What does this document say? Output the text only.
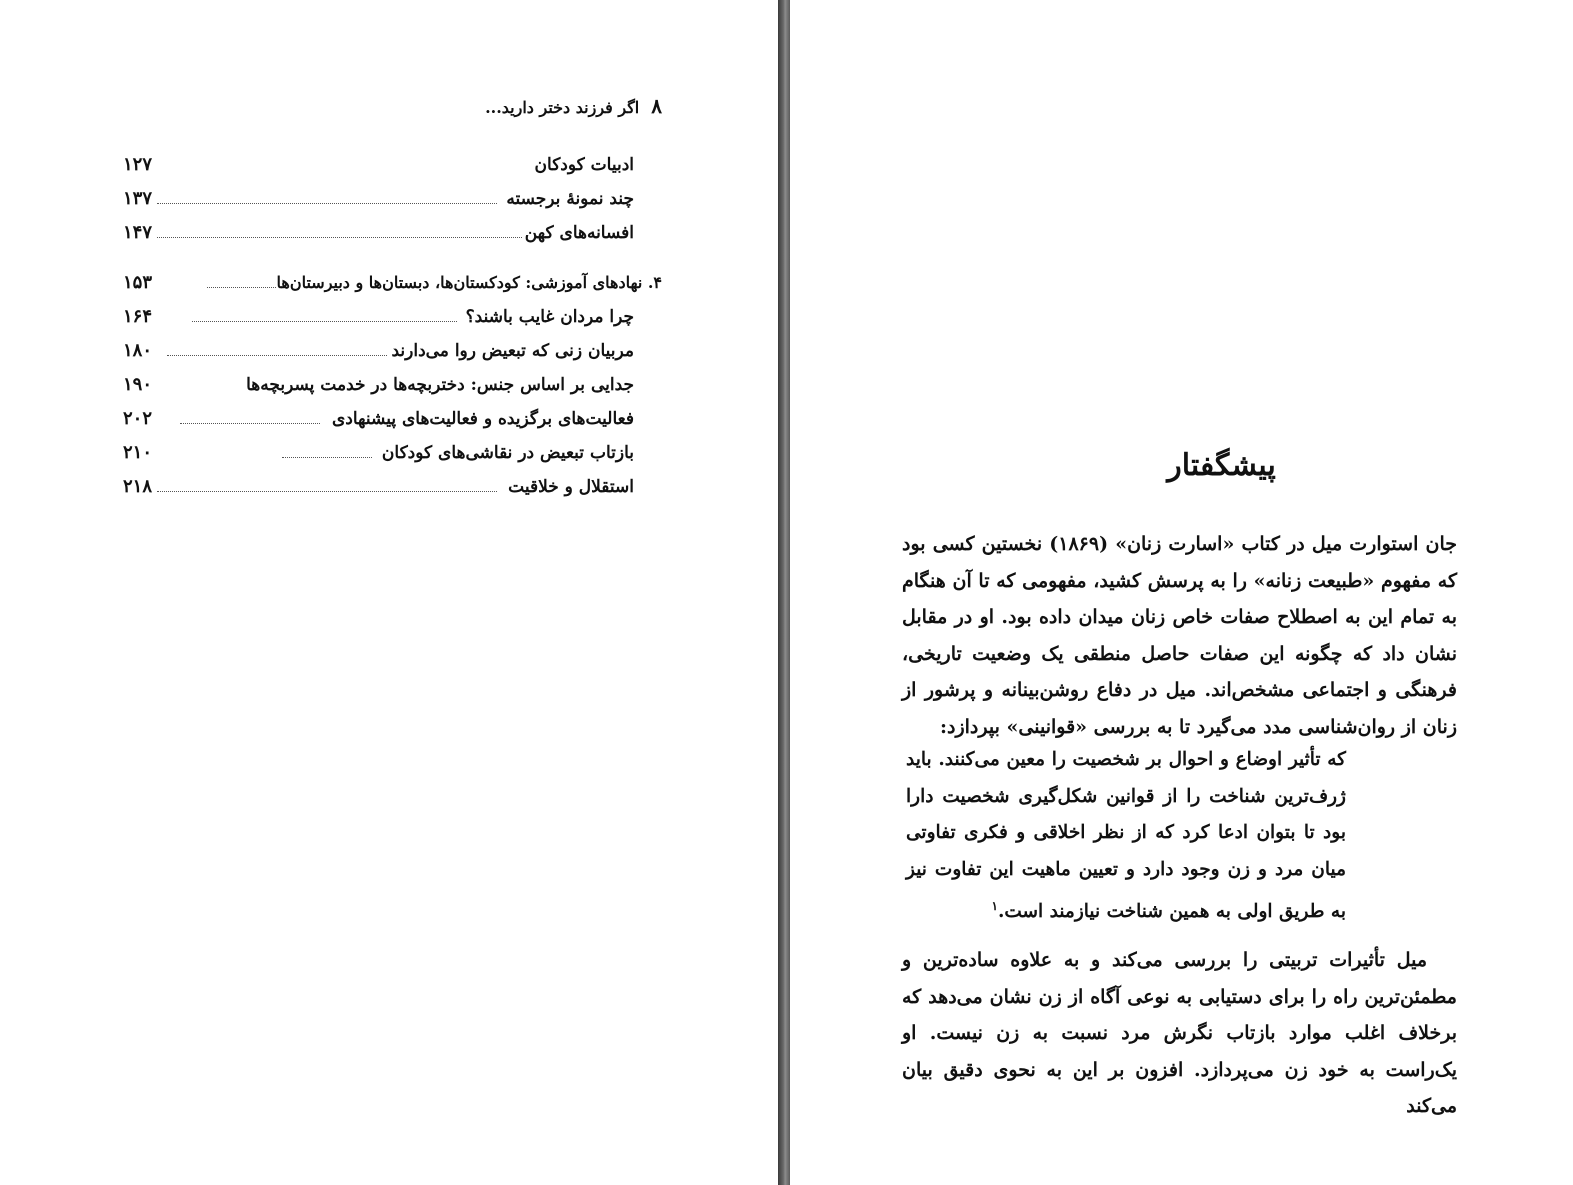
۸اگر فرزند دختر دارید...
۱۲۷	ادبیات کودکان
۱۳۷	چند نمونهٔ برجسته
۱۴۷	افسانه‌های کهن
۱۵۳	۴. نهادهای آموزشی: کودکستان‌ها، دبستان‌ها و دبیرستان‌ها
۱۶۴	چرا مردان غایب باشند؟
۱۸۰	مربیان زنی که تبعیض روا می‌دارند
۱۹۰	جدایی بر اساس جنس: دختربچه‌ها در خدمت پسربچه‌ها
۲۰۲	فعالیت‌های برگزیده و فعالیت‌های پیشنهادی
۲۱۰	بازتاب تبعیض در نقاشی‌های کودکان
۲۱۸	استقلال و خلاقیت
پیشگفتار
جان استوارت میل در کتاب «اسارت زنان» (۱۸۶۹) نخستین کسی بود که مفهوم «طبیعت زنانه» را به پرسش کشید، مفهومی که تا آن هنگام به تمام این به اصطلاح صفات خاص زنان میدان داده بود. او در مقابل نشان داد که چگونه این صفات حاصل منطقی یک وضعیت تاریخی، فرهنگی و اجتماعی مشخص‌اند. میل در دفاع روشن‌بینانه و پرشور از زنان از روان‌شناسی مدد می‌گیرد تا به بررسی «قوانینی» بپردازد:
که تأثیر اوضاع و احوال بر شخصیت را معین می‌کنند. باید ژرف‌ترین شناخت را از قوانین شکل‌گیری شخصیت دارا بود تا بتوان ادعا کرد که از نظر اخلاقی و فکری تفاوتی میان مرد و زن وجود دارد و تعیین ماهیت این تفاوت نیز به طریق اولی به همین شناخت نیازمند است.$^۱$
میل تأثیرات تربیتی را بررسی می‌کند و به علاوه ساده‌ترین و مطمئن‌ترین راه را برای دستیابی به نوعی آگاه از زن نشان می‌دهد که برخلاف اغلب موارد بازتاب نگرش مرد نسبت به زن نیست. او یک‌راست به خود زن می‌پردازد. افزون بر این به نحوی دقیق بیان می‌کند
